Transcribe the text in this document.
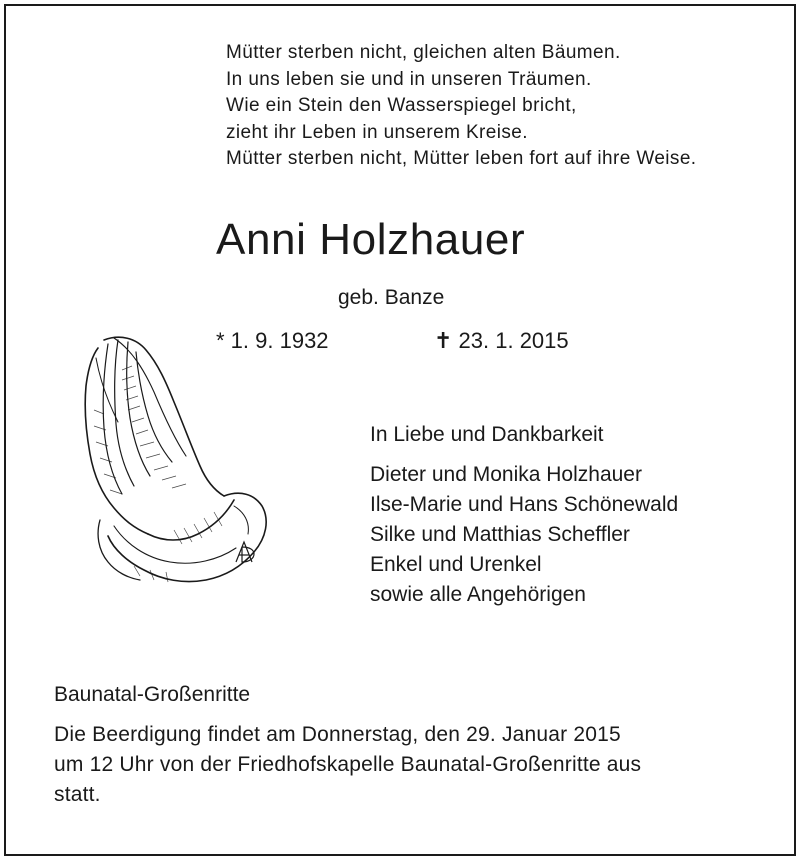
Mütter sterben nicht, gleichen alten Bäumen.
In uns leben sie und in unseren Träumen.
Wie ein Stein den Wasserspiegel bricht,
zieht ihr Leben in unserem Kreise.
Mütter sterben nicht, Mütter leben fort auf ihre Weise.
Anni Holzhauer
geb. Banze
* 1. 9. 1932	✝ 23. 1. 2015
In Liebe und Dankbarkeit
Dieter und Monika Holzhauer
Ilse-Marie und Hans Schönewald
Silke und Matthias Scheffler
Enkel und Urenkel
sowie alle Angehörigen
Baunatal-Großenritte
Die Beerdigung findet am Donnerstag, den 29. Januar 2015
um 12 Uhr von der Friedhofskapelle Baunatal-Großenritte aus
statt.
